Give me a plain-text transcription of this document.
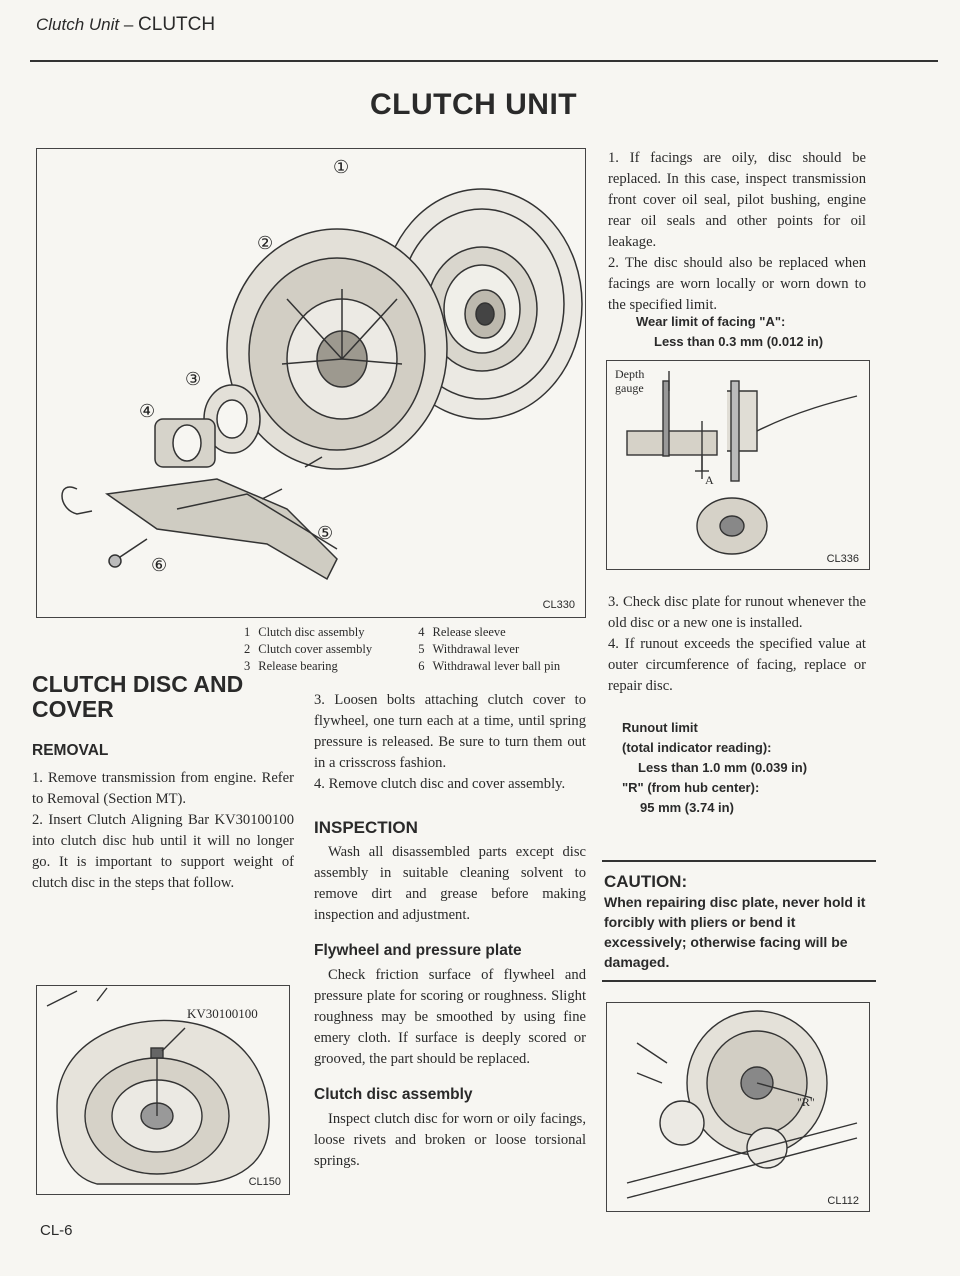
Clutch Unit – CLUTCH
CLUTCH UNIT
①
②
③
④
⑤
⑥
CL330
1	Clutch disc assembly	4	Release sleeve
2	Clutch cover assembly	5	Withdrawal lever
3	Release bearing	6	Withdrawal lever ball pin
CLUTCH DISC AND
COVER
REMOVAL

1. Remove transmission from engine. Refer to Removal (Section MT).

2. Insert Clutch Aligning Bar KV30100100 into clutch disc hub until it will no longer go. It is important to support weight of clutch disc in the steps that follow.

KV30100100
CL150

3. Loosen bolts attaching clutch cover to flywheel, one turn each at a time, until spring pressure is released. Be sure to turn them out in a crisscross fashion.

4. Remove clutch disc and cover assembly.

INSPECTION

Wash all disassembled parts except disc assembly in suitable cleaning solvent to remove dirt and grease before making inspection and adjustment.

Flywheel and pressure plate

Check friction surface of flywheel and pressure plate for scoring or roughness. Slight roughness may be smoothed by using fine emery cloth. If surface is deeply scored or grooved, the part should be replaced.

Clutch disc assembly

Inspect clutch disc for worn or oily facings, loose rivets and broken or loose torsional springs.

1. If facings are oily, disc should be replaced. In this case, inspect transmission front cover oil seal, pilot bushing, engine rear oil seals and other points for oil leakage.

2. The disc should also be replaced when facings are worn locally or worn down to the specified limit.

Wear limit of facing "A":
Less than 0.3 mm (0.012 in)
Depth
gauge
A
CL336

3. Check disc plate for runout whenever the old disc or a new one is installed.

4. If runout exceeds the specified value at outer circumference of facing, replace or repair disc.

Runout limit
(total indicator reading):
Less than 1.0 mm (0.039 in)
"R" (from hub center):
95 mm (3.74 in)
CAUTION:
When repairing disc plate, never hold it forcibly with pliers or bend it excessively; otherwise facing will be damaged.
"R"
CL112
CL-6
